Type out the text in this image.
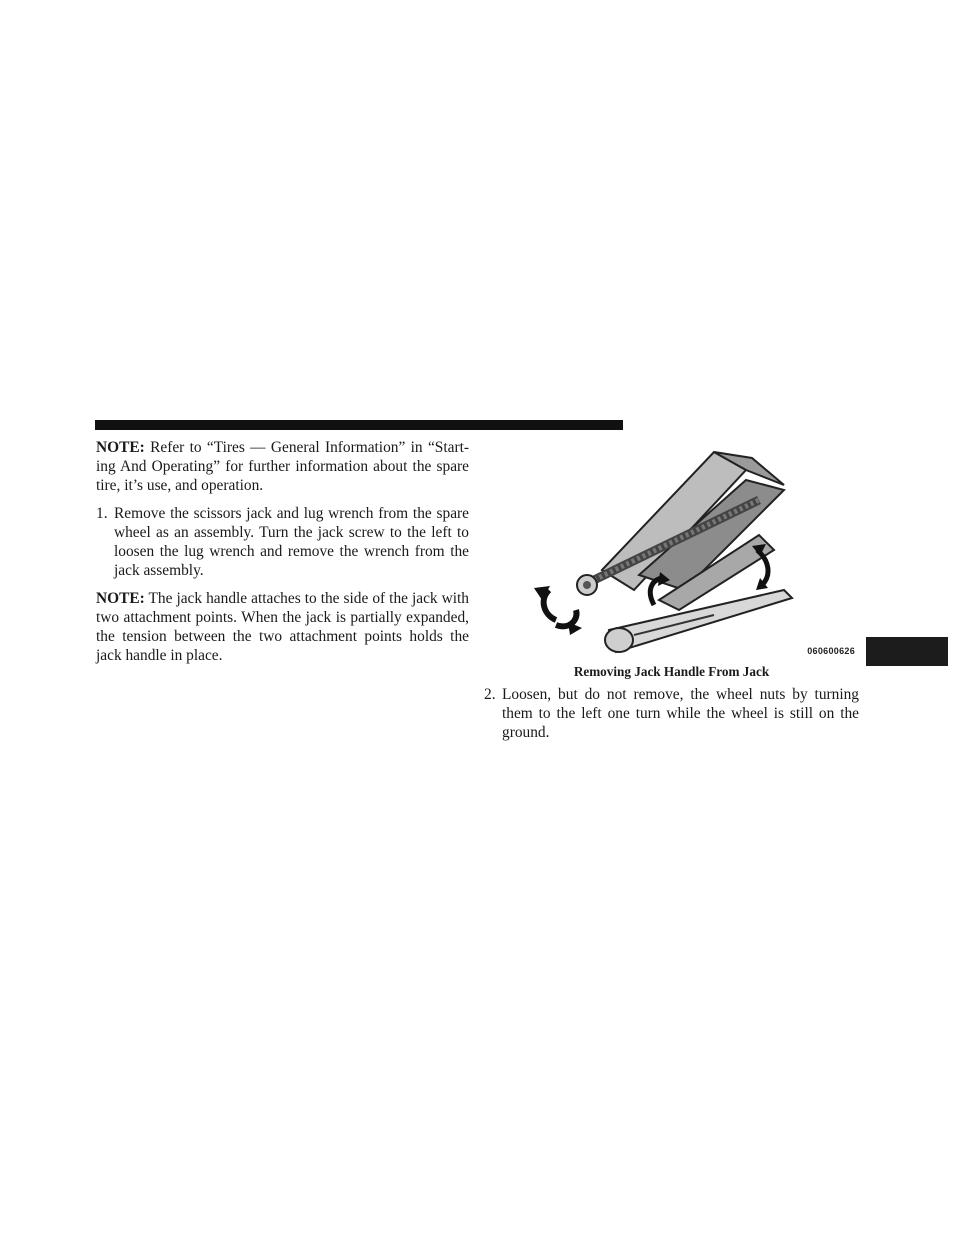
NOTE: Refer to “Tires — General Information” in “Start-ing And Operating” for further information about the spare tire, it’s use, and operation.

1. Remove the scissors jack and lug wrench from the spare wheel as an assembly. Turn the jack screw to the left to loosen the lug wrench and remove the wrench from the jack assembly.

NOTE: The jack handle attaches to the side of the jack with two attachment points. When the jack is partially expanded, the tension between the two attachment points holds the jack handle in place.	060600626
Removing Jack Handle From Jack
2. Loosen, but do not remove, the wheel nuts by turning them to the left one turn while the wheel is still on the ground.
